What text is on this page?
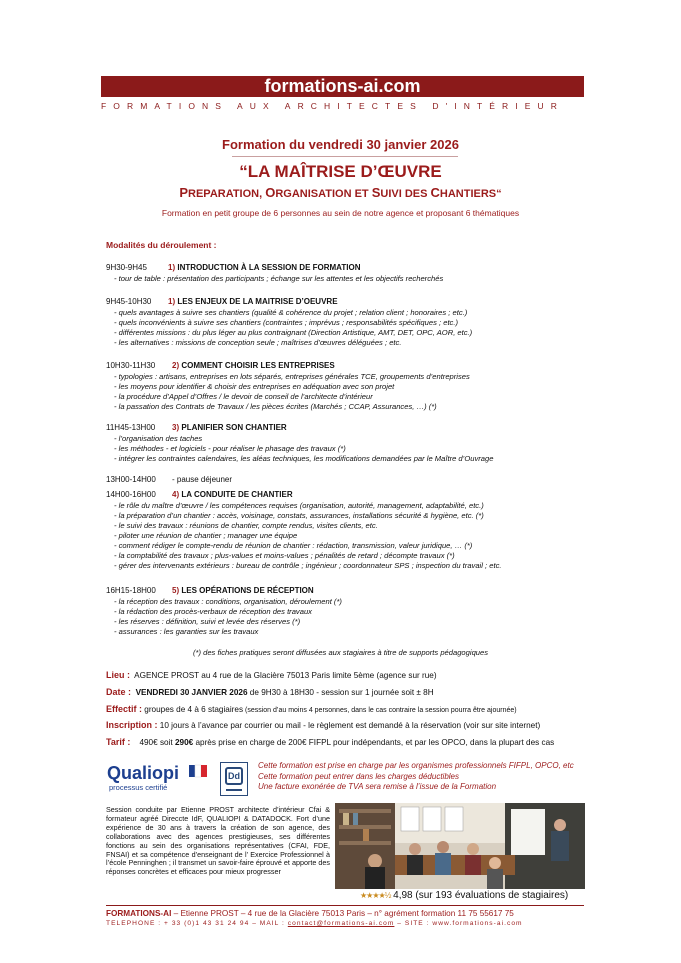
formations-ai.com
FORMATIONS AUX ARCHITECTES D'INTÉRIEUR
Formation du vendredi 30 janvier 2026
“LA MAÎTRISE D’ŒUVRE
PREPARATION, ORGANISATION ET SUIVI DES CHANTIERS“
Formation en petit groupe de 6 personnes au sein de notre agence et proposant 6 thématiques
Modalités du déroulement :
9H30-9H45	1) INTRODUCTION À LA SESSION DE FORMATION
- tour de table : présentation des participants ; échange sur les attentes et les objectifs recherchés
9H45-10H30 1) LES ENJEUX DE LA MAITRISE D’OEUVRE
- quels avantages à suivre ses chantiers (qualité & cohérence du projet ; relation client ; honoraires ; etc.)
- quels inconvénients à suivre ses chantiers (contraintes ; imprévus ; responsabilités spécifiques ; etc.)
- différentes missions : du plus léger au plus contraignant (Direction Artistique, AMT, DET, OPC, AOR, etc.)
- les alternatives : missions de conception seule ; maîtrises d’œuvres déléguées ; etc.
10H30-11H30 2) COMMENT CHOISIR LES ENTREPRISES
- typologies : artisans, entreprises en lots séparés, entreprises générales TCE, groupements d’entreprises
- les moyens pour identifier & choisir des entreprises en adéquation avec son projet
- la procédure d’Appel d’Offres / le devoir de conseil de l’architecte d’intérieur
- la passation des Contrats de Travaux / les pièces écrites (Marchés ; CCAP, Assurances, …) (*)
11H45-13H00 3) PLANIFIER SON CHANTIER
- l’organisation des taches
- les méthodes - et logiciels - pour réaliser le phasage des travaux (*)
- intégrer les contraintes calendaires, les aléas techniques, les modifications demandées par le Maître d’Ouvrage
13H00-14H00 - pause déjeuner
14H00-16H00 4) LA CONDUITE DE CHANTIER
- le rôle du maître d’œuvre / les compétences requises (organisation, autorité, management, adaptabilité, etc.)
- la préparation d’un chantier : accès, voisinage, constats, assurances, installations sécurité & hygiène, etc. (*)
- le suivi des travaux : réunions de chantier, compte rendus, visites clients, etc.
- piloter une réunion de chantier ; manager une équipe
- comment rédiger le compte-rendu de réunion de chantier : rédaction, transmission, valeur juridique, … (*)
- la comptabilité des travaux ; plus-values et moins-values ; pénalités de retard ; décompte travaux (*)
- gérer des intervenants extérieurs : bureau de contrôle ; ingénieur ; coordonnateur SPS ; inspection du travail ; etc.
16H15-18H00 5) LES OPÉRATIONS DE RÉCEPTION
- la réception des travaux : conditions, organisation, déroulement (*)
- la rédaction des procès-verbaux de réception des travaux
- les réserves : définition, suivi et levée des réserves (*)
- assurances : les garanties sur les travaux
(*) des fiches pratiques seront diffusées aux stagiaires à titre de supports pédagogiques
Lieu : AGENCE PROST au 4 rue de la Glacière 75013 Paris limite 5ème (agence sur rue)
Date : VENDREDI 30 JANVIER 2026 de 9H30 à 18H30 - session sur 1 journée soit ± 8H
Effectif : groupes de 4 à 6 stagiaires (session d’au moins 4 personnes, dans le cas contraire la session pourra être ajournée)
Inscription : 10 jours à l’avance par courrier ou mail - le règlement est demandé à la réservation (voir sur site internet)
Tarif : 490€ soit 290€ après prise en charge de 200€ FIFPL pour indépendants, et par les OPCO, dans la plupart des cas
Qualiopi
processus certifié
Dd
Cette formation est prise en charge par les organismes professionnels FIFPL, OPCO, etc
Cette formation peut entrer dans les charges déductibles
Une facture exonérée de TVA sera remise à l’issue de la Formation
Session conduite par Etienne PROST architecte d’intérieur Cfai & formateur agréé Direccte IdF, QUALIOPI & DATADOCK. Fort d’une expérience de 30 ans à travers la création de son agence, des collaborations avec des agences prestigieuses, ses différentes fonctions au sein des organisations représentatives (CFAI, FDE, FNSAI) et sa compétence d’enseignant de l’ Exercice Professionnel à l’école Penninghen ; il transmet un savoir-faire éprouvé et apporte des réponses concrètes et efficaces pour mieux progresser
★★★★½ 4,98 (sur 193 évaluations de stagiaires)
FORMATIONS-AI – Etienne PROST – 4 rue de la Glacière 75013 Paris – n° agrément formation 11 75 55617 75
TELEPHONE : + 33 (0)1 43 31 24 94 – MAIL : contact@formations-ai.com – SITE : www.formations-ai.com
